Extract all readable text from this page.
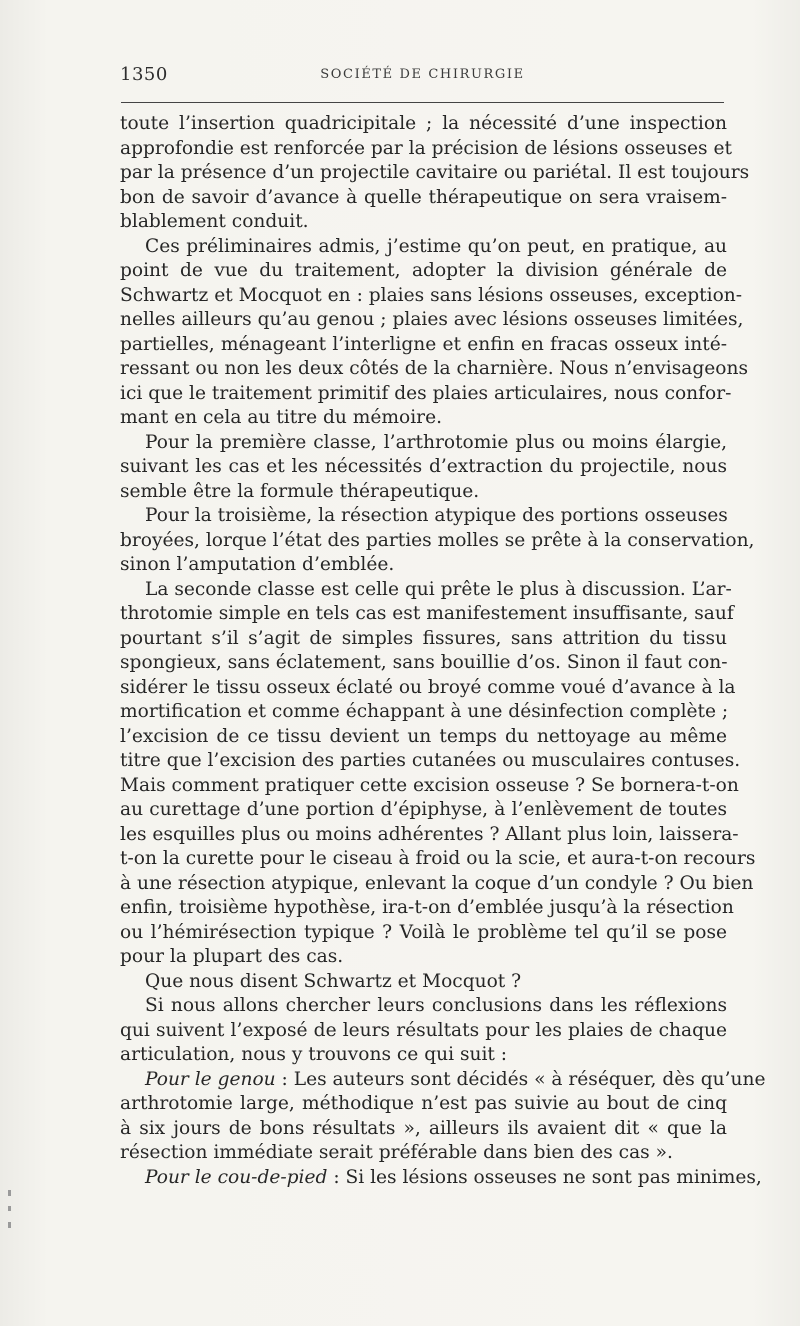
1350	SOCIÉTÉ DE CHIRURGIE
toute l’insertion quadricipitale ; la nécessité d’une inspection
approfondie est renforcée par la précision de lésions osseuses et
par la présence d’un projectile cavitaire ou pariétal. Il est toujours
bon de savoir d’avance à quelle thérapeutique on sera vraisem-
blablement conduit.
Ces préliminaires admis, j’estime qu’on peut, en pratique, au
point de vue du traitement, adopter la division générale de
Schwartz et Mocquot en : plaies sans lésions osseuses, exception-
nelles ailleurs qu’au genou ; plaies avec lésions osseuses limitées,
partielles, ménageant l’interligne et enfin en fracas osseux inté-
ressant ou non les deux côtés de la charnière. Nous n’envisageons
ici que le traitement primitif des plaies articulaires, nous confor-
mant en cela au titre du mémoire.
Pour la première classe, l’arthrotomie plus ou moins élargie,
suivant les cas et les nécessités d’extraction du projectile, nous
semble être la formule thérapeutique.
Pour la troisième, la résection atypique des portions osseuses
broyées, lorque l’état des parties molles se prête à la conservation,
sinon l’amputation d’emblée.
La seconde classe est celle qui prête le plus à discussion. L’ar-
throtomie simple en tels cas est manifestement insuffisante, sauf
pourtant s’il s’agit de simples fissures, sans attrition du tissu
spongieux, sans éclatement, sans bouillie d’os. Sinon il faut con-
sidérer le tissu osseux éclaté ou broyé comme voué d’avance à la
mortification et comme échappant à une désinfection complète ;
l’excision de ce tissu devient un temps du nettoyage au même
titre que l’excision des parties cutanées ou musculaires contuses.
Mais comment pratiquer cette excision osseuse ? Se bornera-t-on
au curettage d’une portion d’épiphyse, à l’enlèvement de toutes
les esquilles plus ou moins adhérentes ? Allant plus loin, laissera-
t-on la curette pour le ciseau à froid ou la scie, et aura-t-on recours
à une résection atypique, enlevant la coque d’un condyle ? Ou bien
enfin, troisième hypothèse, ira-t-on d’emblée jusqu’à la résection
ou l’hémirésection typique ? Voilà le problème tel qu’il se pose
pour la plupart des cas.
Que nous disent Schwartz et Mocquot ?
Si nous allons chercher leurs conclusions dans les réflexions
qui suivent l’exposé de leurs résultats pour les plaies de chaque
articulation, nous y trouvons ce qui suit :
Pour le genou : Les auteurs sont décidés « à réséquer, dès qu’une
arthrotomie large, méthodique n’est pas suivie au bout de cinq
à six jours de bons résultats », ailleurs ils avaient dit « que la
résection immédiate serait préférable dans bien des cas ».
Pour le cou-de-pied : Si les lésions osseuses ne sont pas minimes,
